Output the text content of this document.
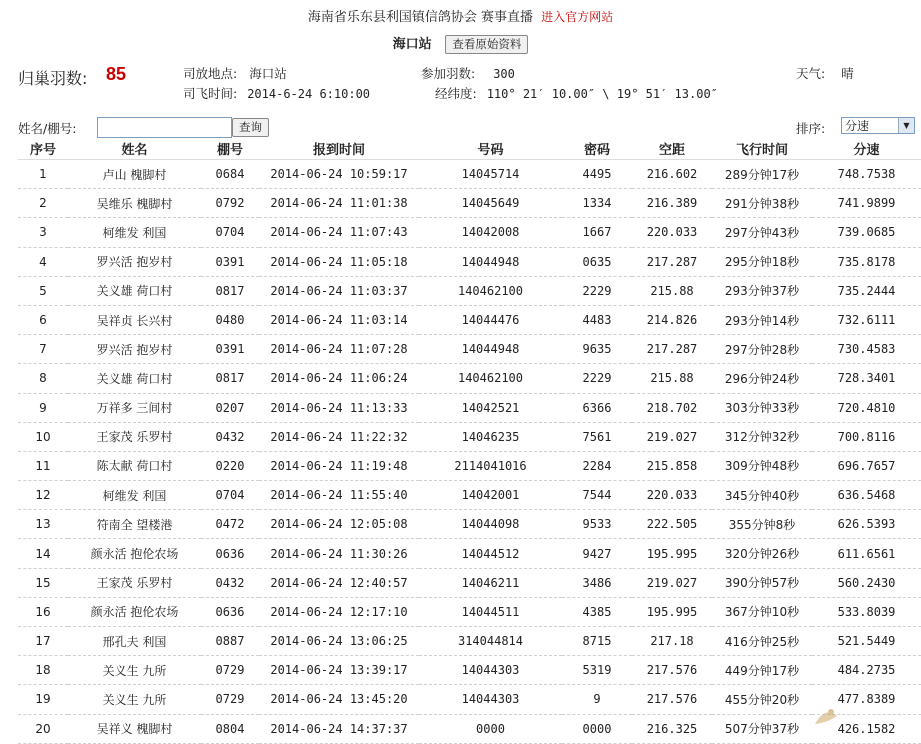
海南省乐东县利国镇信鸽协会 赛事直播 进入官方网站
海口站 查看原始资料
归巢羽数: 85	司放地点: 海口站
司飞时间: 2014-6-24 6:10:00
参加羽数: 300
经纬度: 110° 21′ 10.00″ \ 19° 51′ 13.00″
天气: 晴
姓名/棚号:	查询	排序:	分速	▼
序号	姓名	棚号	报到时间	号码	密码	空距	飞行时间	分速
1	卢山 槐脚村	0684	2014-06-24 10:59:17	14045714	4495	216.602	289分钟17秒	748.7538
2	吴维乐 槐脚村	0792	2014-06-24 11:01:38	14045649	1334	216.389	291分钟38秒	741.9899
3	柯维发 利国	0704	2014-06-24 11:07:43	14042008	1667	220.033	297分钟43秒	739.0685
4	罗兴活 抱岁村	0391	2014-06-24 11:05:18	14044948	0635	217.287	295分钟18秒	735.8178
5	关义雄 荷口村	0817	2014-06-24 11:03:37	140462100	2229	215.88	293分钟37秒	735.2444
6	吴祥贞 长兴村	0480	2014-06-24 11:03:14	14044476	4483	214.826	293分钟14秒	732.6111
7	罗兴活 抱岁村	0391	2014-06-24 11:07:28	14044948	9635	217.287	297分钟28秒	730.4583
8	关义雄 荷口村	0817	2014-06-24 11:06:24	140462100	2229	215.88	296分钟24秒	728.3401
9	万祥多 三间村	0207	2014-06-24 11:13:33	14042521	6366	218.702	303分钟33秒	720.4810
10	王家茂 乐罗村	0432	2014-06-24 11:22:32	14046235	7561	219.027	312分钟32秒	700.8116
11	陈太献 荷口村	0220	2014-06-24 11:19:48	2114041016	2284	215.858	309分钟48秒	696.7657
12	柯维发 利国	0704	2014-06-24 11:55:40	14042001	7544	220.033	345分钟40秒	636.5468
13	符南全 望楼港	0472	2014-06-24 12:05:08	14044098	9533	222.505	355分钟8秒	626.5393
14	颜永活 抱伦农场	0636	2014-06-24 11:30:26	14044512	9427	195.995	320分钟26秒	611.6561
15	王家茂 乐罗村	0432	2014-06-24 12:40:57	14046211	3486	219.027	390分钟57秒	560.2430
16	颜永活 抱伦农场	0636	2014-06-24 12:17:10	14044511	4385	195.995	367分钟10秒	533.8039
17	邢孔夫 利国	0887	2014-06-24 13:06:25	314044814	8715	217.18	416分钟25秒	521.5449
18	关义生 九所	0729	2014-06-24 13:39:17	14044303	5319	217.576	449分钟17秒	484.2735
19	关义生 九所	0729	2014-06-24 13:45:20	14044303	9	217.576	455分钟20秒	477.8389
20	吴祥义 槐脚村	0804	2014-06-24 14:37:37	0000	0000	216.325	507分钟37秒	426.1582
